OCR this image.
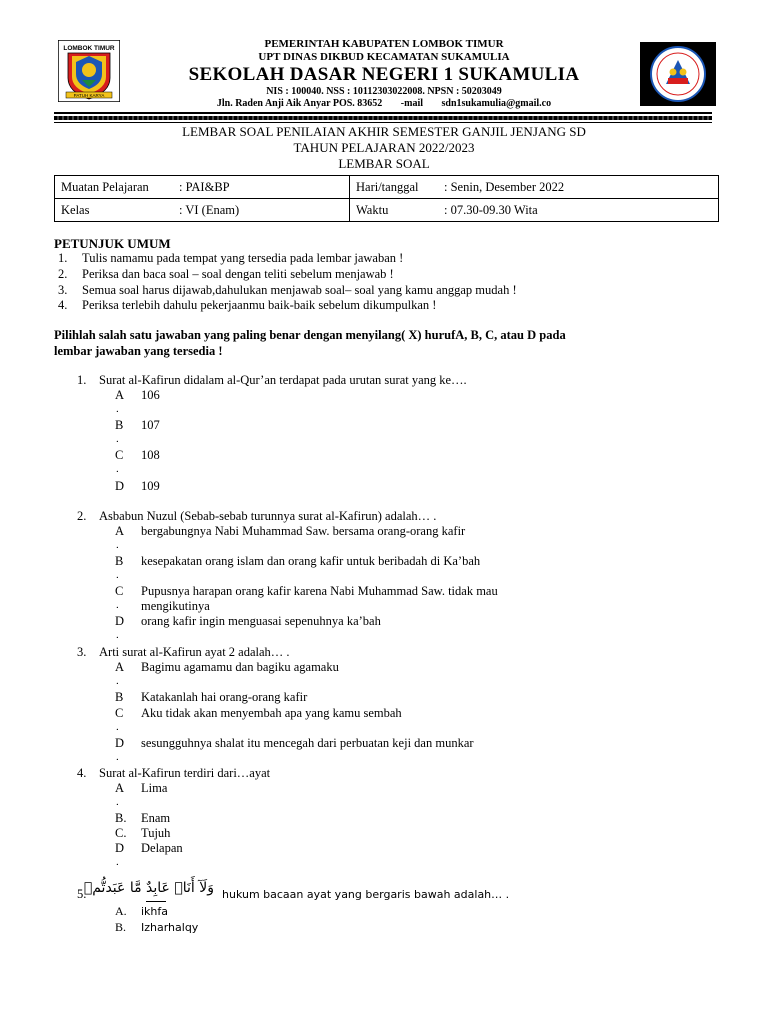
LOMBOK TIMUR
PATUH KARYA
PEMERINTAH KABUPATEN LOMBOK TIMUR
UPT DINAS DIKBUD KECAMATAN SUKAMULIA
SEKOLAH DASAR NEGERI 1 SUKAMULIA
NIS : 100040. NSS : 10112303022008. NPSN : 50203049
Jln. Raden Anji Aik Anyar POS. 83652 -mail sdn1sukamulia@gmail.co
LEMBAR SOAL PENILAIAN AKHIR SEMESTER GANJIL JENJANG SD
TAHUN PELAJARAN 2022/2023
LEMBAR SOAL
Muatan Pelajaran : PAI&BP	Hari/tanggal : Senin, Desember 2022
Kelas : VI (Enam)	Waktu : 07.30-09.30 Wita
PETUNJUK UMUM
1. Tulis namamu pada tempat yang tersedia pada lembar jawaban !
2. Periksa dan baca soal – soal dengan teliti sebelum menjawab !
3. Semua soal harus dijawab,dahulukan menjawab soal– soal yang kamu anggap mudah !
4. Periksa terlebih dahulu pekerjaanmu baik-baik sebelum dikumpulkan !
Pilihlah salah satu jawaban yang paling benar dengan menyilang( X) hurufA, B, C, atau D pada
lembar jawaban yang tersedia !
1. Surat al-Kafirun didalam al-Qur’an terdapat pada urutan surat yang ke….
A 106
.
B 107
.
C 108
.
D 109
2. Asbabun Nuzul (Sebab-sebab turunnya surat al-Kafirun) adalah… .
A bergabungnya Nabi Muhammad Saw. bersama orang-orang kafir
.
B kesepakatan orang islam dan orang kafir untuk beribadah di Ka’bah
.
C Pupusnya harapan orang kafir karena Nabi Muhammad Saw. tidak mau
. mengikutinya
D orang kafir ingin menguasai sepenuhnya ka’bah
.
3. Arti surat al-Kafirun ayat 2 adalah… .
A Bagimu agamamu dan bagiku agamaku
.
B Katakanlah hai orang-orang kafir
C Aku tidak akan menyembah apa yang kamu sembah
.
D sesungguhnya shalat itu mencegah dari perbuatan keji dan munkar
.
4. Surat al-Kafirun terdiri dari…ayat
A Lima
.
B. Enam
C. Tujuh
D Delapan
.
5.
وَلَآ أَنَا۠ عَابِدٌ مَّا عَبَدتُّمۡ hukum bacaan ayat yang bergaris bawah adalah… .
A. ikhfa
B. Izharhalqy
